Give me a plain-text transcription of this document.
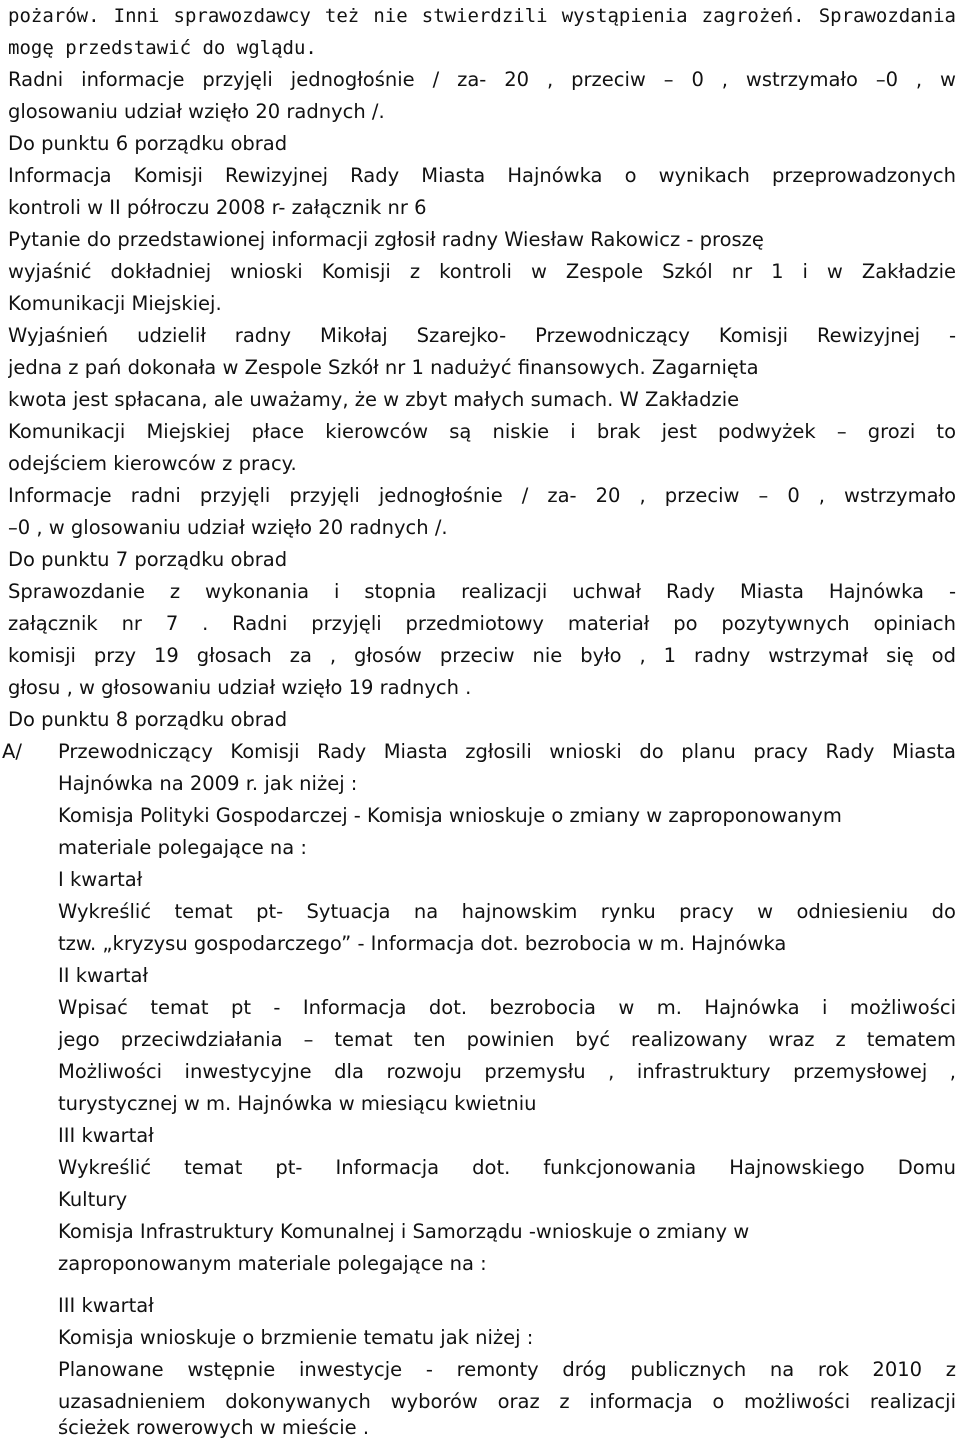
pożarów. Inni sprawozdawcy też nie stwierdzili wystąpienia zagrożeń. Sprawozdania
mogę przedstawić do wglądu.
Radni informacje przyjęli jednogłośnie / za- 20 , przeciw – 0 , wstrzymało –0 , w
glosowaniu udział wzięło 20 radnych /.
Do punktu 6 porządku obrad
Informacja Komisji Rewizyjnej Rady Miasta Hajnówka o wynikach przeprowadzonych
kontroli w II półroczu 2008 r- załącznik nr 6
Pytanie do przedstawionej informacji zgłosił radny Wiesław Rakowicz - proszę
wyjaśnić dokładniej wnioski Komisji z kontroli w Zespole Szkól nr 1 i w Zakładzie
Komunikacji Miejskiej.
Wyjaśnień udzielił radny Mikołaj Szarejko- Przewodniczący Komisji Rewizyjnej -
jedna z pań dokonała w Zespole Szkół nr 1 nadużyć finansowych. Zagarnięta
kwota jest spłacana, ale uważamy, że w zbyt małych sumach. W Zakładzie
Komunikacji Miejskiej płace kierowców są niskie i brak jest podwyżek – grozi to
odejściem kierowców z pracy.
Informacje radni przyjęli przyjęli jednogłośnie / za- 20 , przeciw – 0 , wstrzymało
–0 , w glosowaniu udział wzięło 20 radnych /.
Do punktu 7 porządku obrad
Sprawozdanie z wykonania i stopnia realizacji uchwał Rady Miasta Hajnówka -
załącznik nr 7 . Radni przyjęli przedmiotowy materiał po pozytywnych opiniach
komisji przy 19 głosach za , głosów przeciw nie było , 1 radny wstrzymał się od
głosu , w głosowaniu udział wzięło 19 radnych .
Do punktu 8 porządku obrad
A/ Przewodniczący Komisji Rady Miasta zgłosili wnioski do planu pracy Rady Miasta
Hajnówka na 2009 r. jak niżej :
Komisja Polityki Gospodarczej - Komisja wnioskuje o zmiany w zaproponowanym
materiale polegające na :
I kwartał
Wykreślić temat pt- Sytuacja na hajnowskim rynku pracy w odniesieniu do
tzw. „kryzysu gospodarczego” - Informacja dot. bezrobocia w m. Hajnówka
II kwartał
Wpisać temat pt - Informacja dot. bezrobocia w m. Hajnówka i możliwości
jego przeciwdziałania – temat ten powinien być realizowany wraz z tematem
Możliwości inwestycyjne dla rozwoju przemysłu , infrastruktury przemysłowej ,
turystycznej w m. Hajnówka w miesiącu kwietniu
III kwartał
Wykreślić temat pt- Informacja dot. funkcjonowania Hajnowskiego Domu
Kultury
Komisja Infrastruktury Komunalnej i Samorządu -wnioskuje o zmiany w
zaproponowanym materiale polegające na :
III kwartał
Komisja wnioskuje o brzmienie tematu jak niżej :
Planowane wstępnie inwestycje - remonty dróg publicznych na rok 2010 z
uzasadnieniem dokonywanych wyborów oraz z informacja o możliwości realizacji
ścieżek rowerowych w mieście .
